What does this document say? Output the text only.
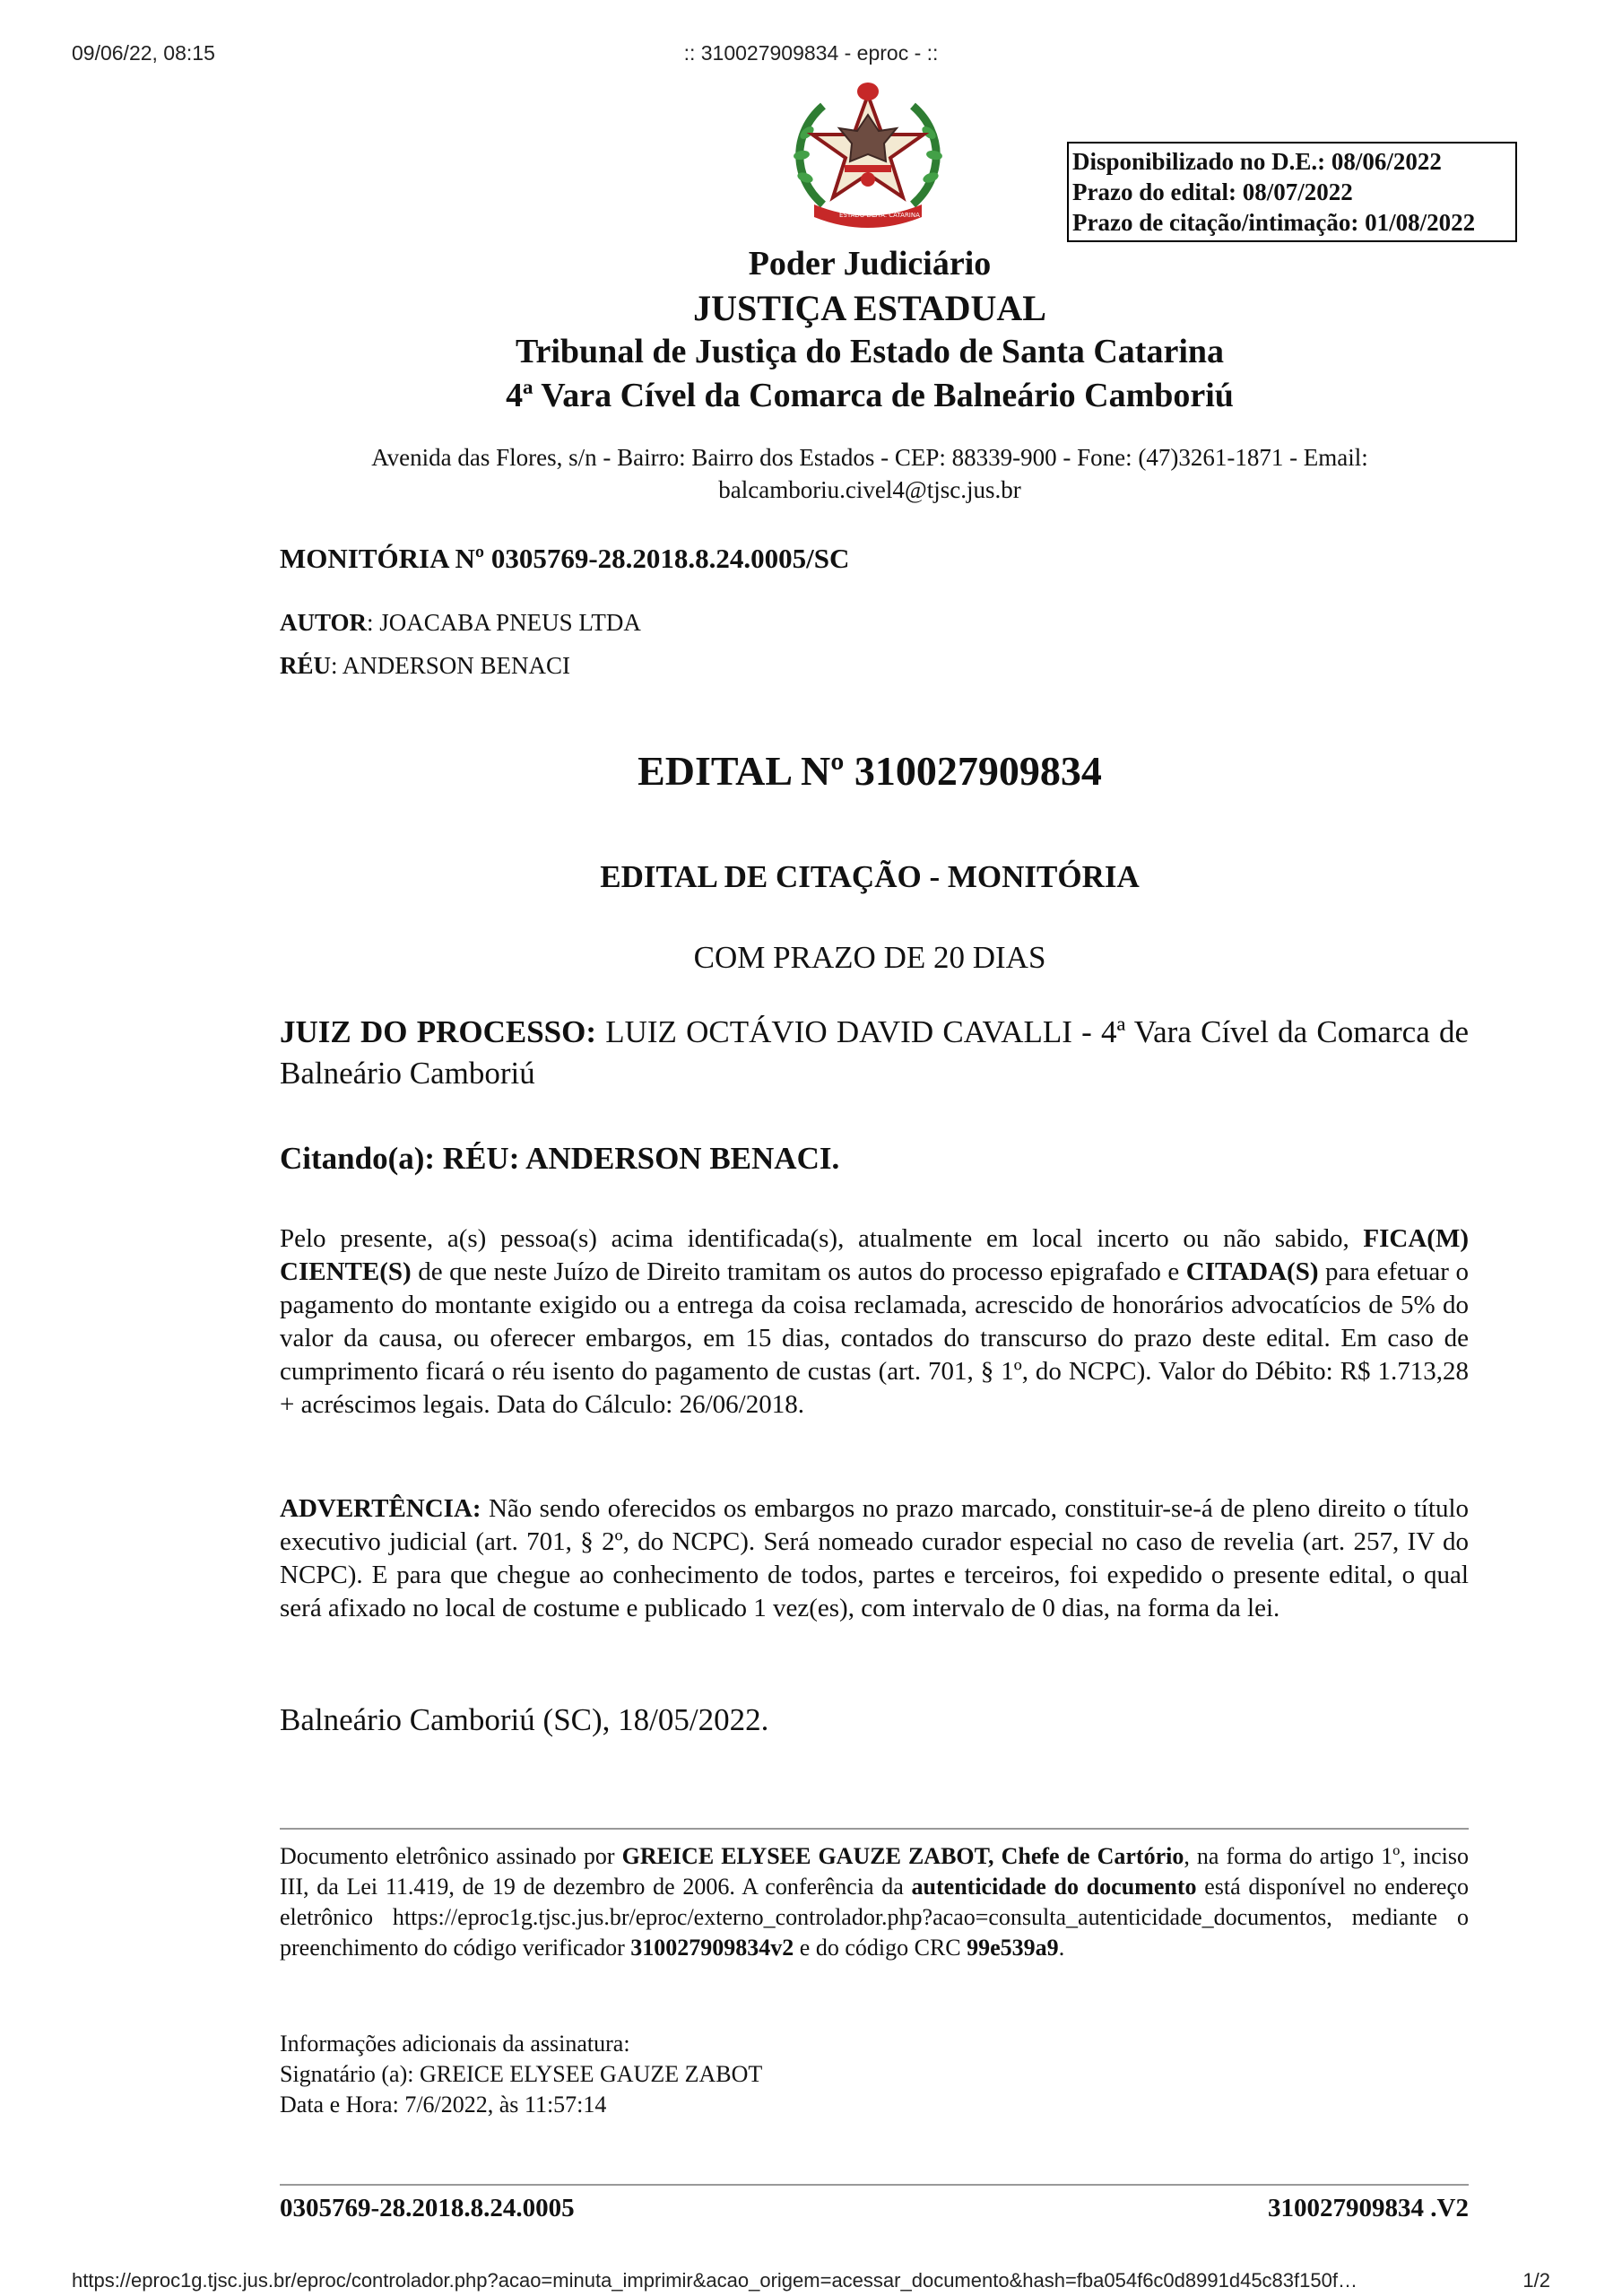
09/06/22, 08:15	:: 310027909834 - eproc - ::
ESTADO DE
STA. CATARINA
Disponibilizado no D.E.: 08/06/2022
Prazo do edital: 08/07/2022
Prazo de citação/intimação: 01/08/2022
Poder Judiciário
JUSTIÇA ESTADUAL
Tribunal de Justiça do Estado de Santa Catarina
4ª Vara Cível da Comarca de Balneário Camboriú
Avenida das Flores, s/n - Bairro: Bairro dos Estados - CEP: 88339-900 - Fone: (47)3261-1871 - Email:
balcamboriu.civel4@tjsc.jus.br
MONITÓRIA Nº 0305769-28.2018.8.24.0005/SC
AUTOR: JOACABA PNEUS LTDA
RÉU: ANDERSON BENACI
EDITAL Nº 310027909834
EDITAL DE CITAÇÃO - MONITÓRIA
COM PRAZO DE 20 DIAS
JUIZ DO PROCESSO: LUIZ OCTÁVIO DAVID CAVALLI - 4ª Vara Cível da Comarca de Balneário Camboriú
Citando(a): RÉU: ANDERSON BENACI.
Pelo presente, a(s) pessoa(s) acima identificada(s), atualmente em local incerto ou não sabido, FICA(M) CIENTE(S) de que neste Juízo de Direito tramitam os autos do processo epigrafado e CITADA(S) para efetuar o pagamento do montante exigido ou a entrega da coisa reclamada, acrescido de honorários advocatícios de 5% do valor da causa, ou oferecer embargos, em 15 dias, contados do transcurso do prazo deste edital. Em caso de cumprimento ficará o réu isento do pagamento de custas (art. 701, § 1º, do NCPC). Valor do Débito: R$ 1.713,28 + acréscimos legais. Data do Cálculo: 26/06/2018.
ADVERTÊNCIA: Não sendo oferecidos os embargos no prazo marcado, constituir-se-á de pleno direito o título executivo judicial (art. 701, § 2º, do NCPC). Será nomeado curador especial no caso de revelia (art. 257, IV do NCPC). E para que chegue ao conhecimento de todos, partes e terceiros, foi expedido o presente edital, o qual será afixado no local de costume e publicado 1 vez(es), com intervalo de 0 dias, na forma da lei.
Balneário Camboriú (SC), 18/05/2022.
Documento eletrônico assinado por GREICE ELYSEE GAUZE ZABOT, Chefe de Cartório, na forma do artigo 1º, inciso III, da Lei 11.419, de 19 de dezembro de 2006. A conferência da autenticidade do documento está disponível no endereço eletrônico https://eproc1g.tjsc.jus.br/eproc/externo_controlador.php?acao=consulta_autenticidade_documentos, mediante o preenchimento do código verificador 310027909834v2 e do código CRC 99e539a9.
Informações adicionais da assinatura:
Signatário (a): GREICE ELYSEE GAUZE ZABOT
Data e Hora: 7/6/2022, às 11:57:14
0305769-28.2018.8.24.0005	310027909834 .V2
https://eproc1g.tjsc.jus.br/eproc/controlador.php?acao=minuta_imprimir&acao_origem=acessar_documento&hash=fba054f6c0d8991d45c83f150f…	1/2
